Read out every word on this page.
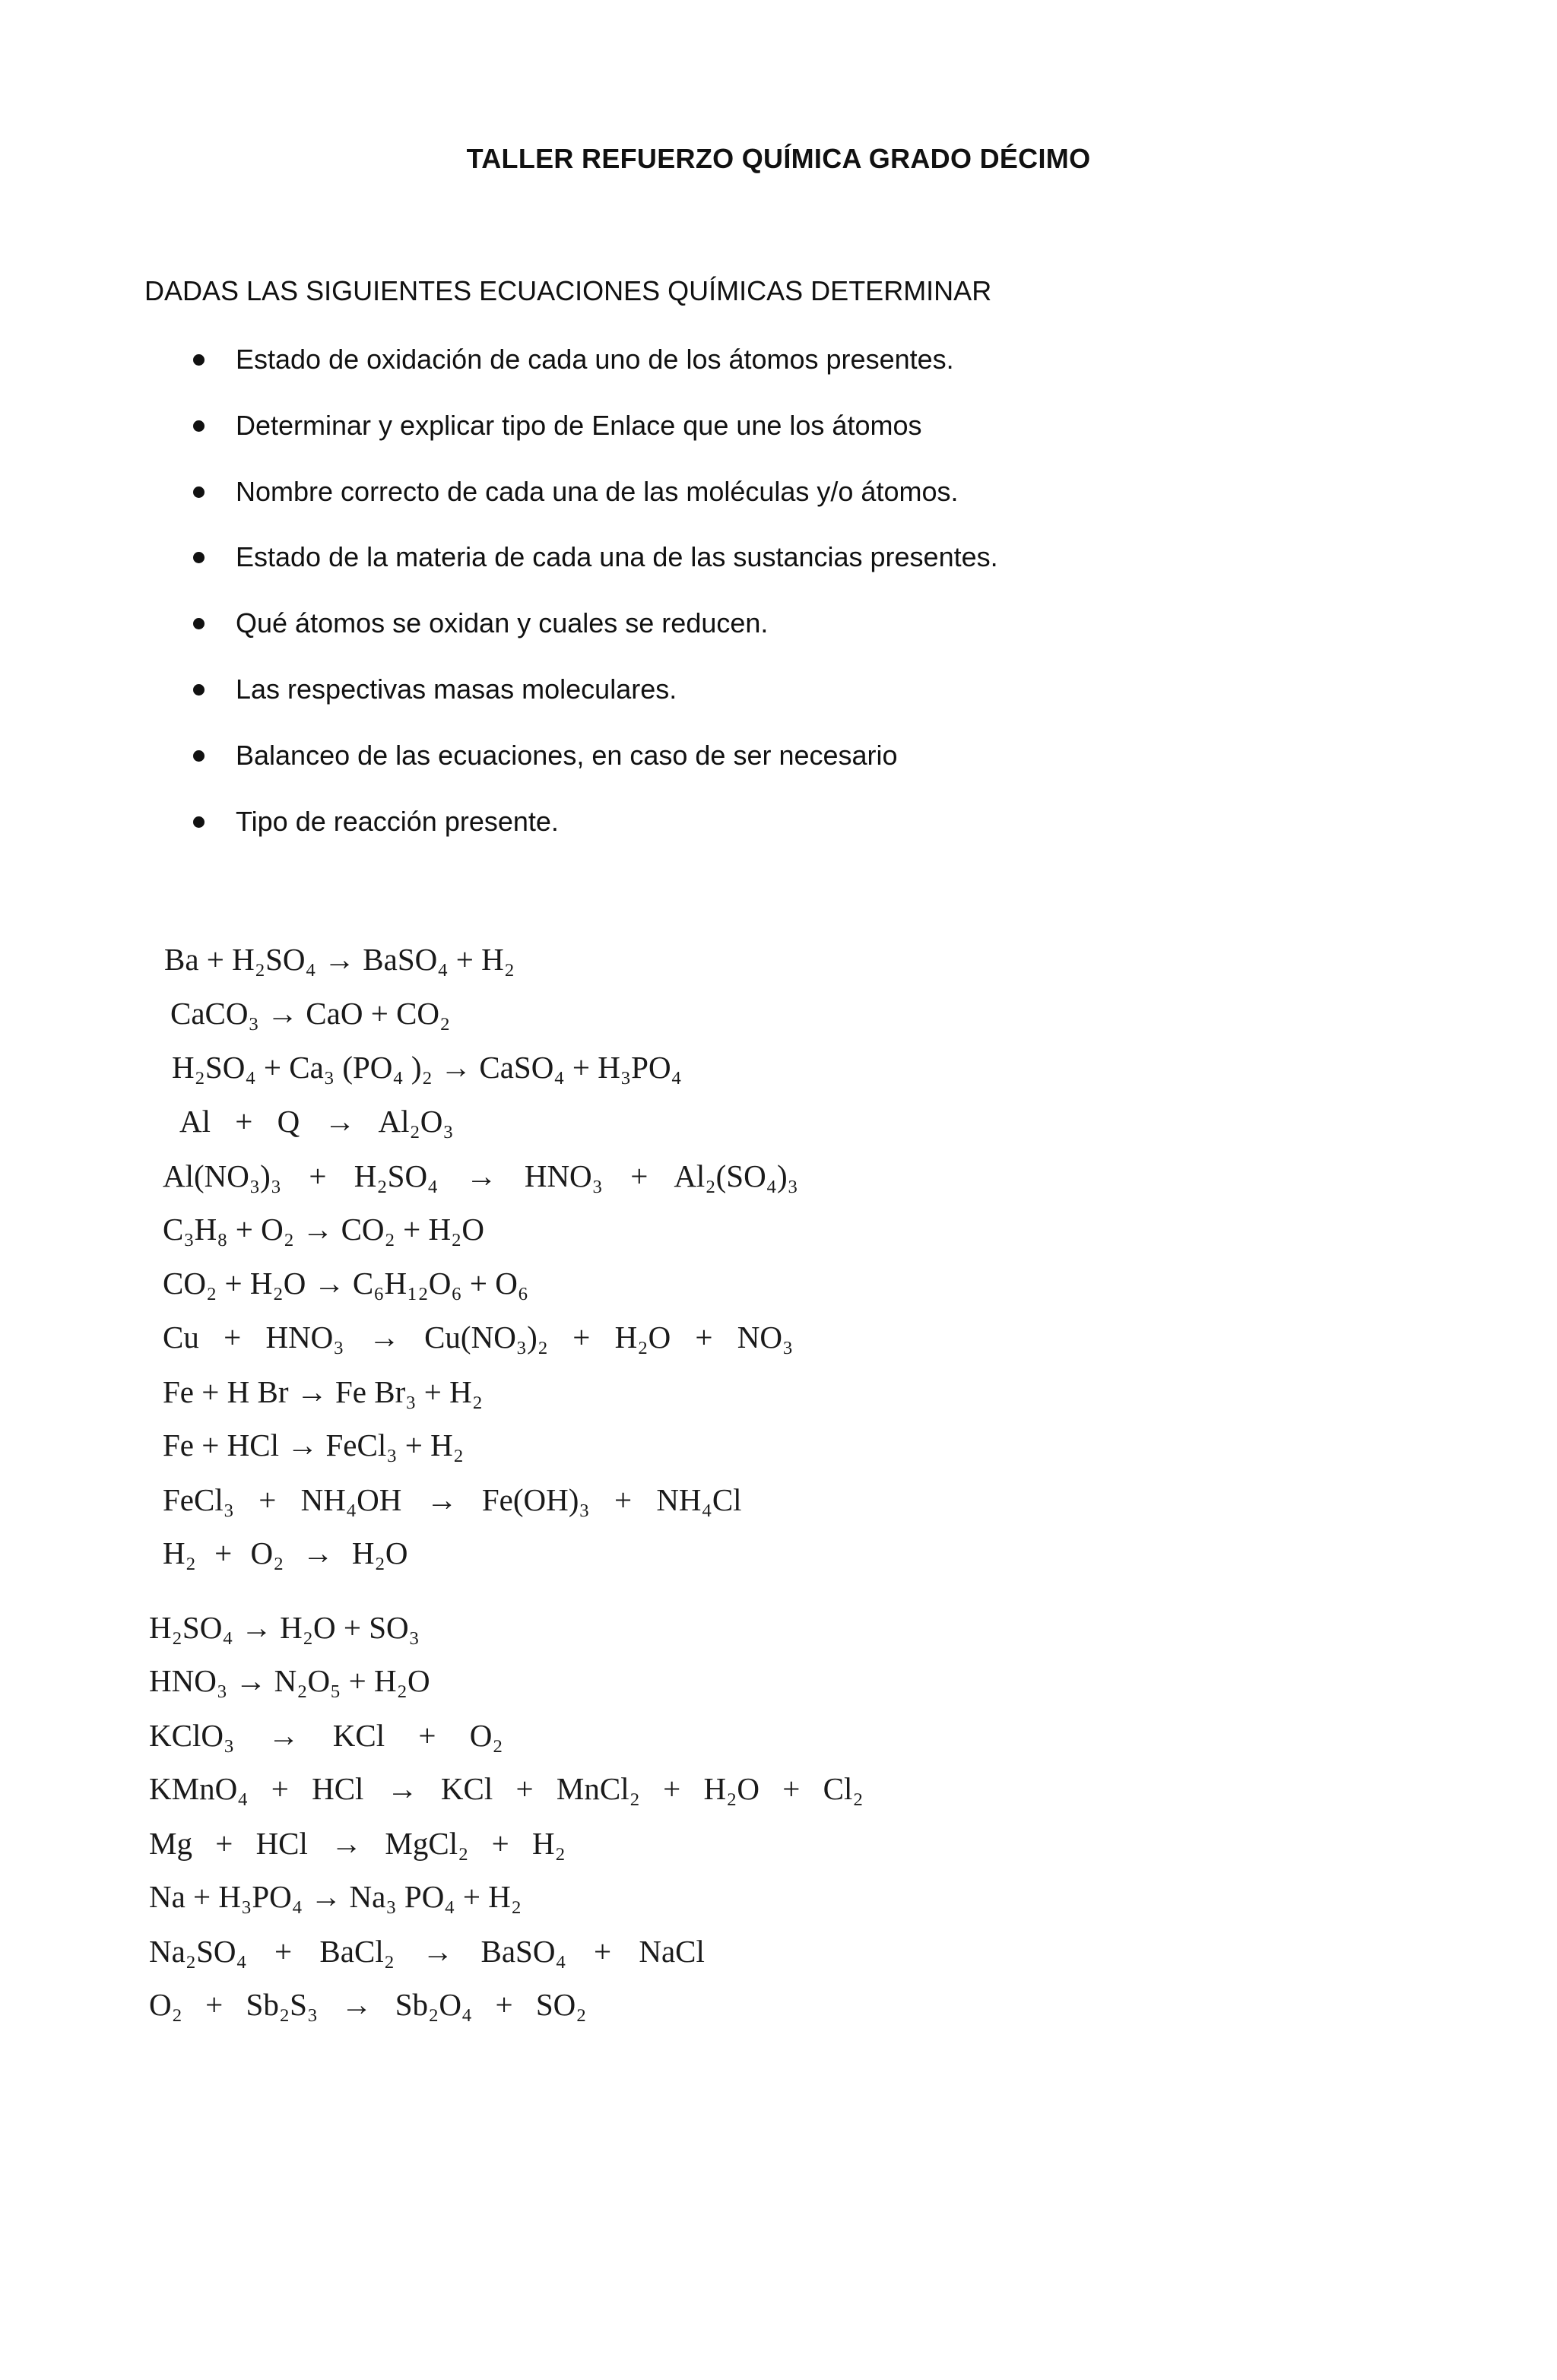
TALLER REFUERZO QUÍMICA GRADO DÉCIMO
DADAS LAS SIGUIENTES ECUACIONES QUÍMICAS DETERMINAR
Estado de oxidación de cada uno de los átomos presentes.
Determinar y explicar tipo de Enlace que une los átomos
Nombre correcto de cada una de las moléculas y/o átomos.
Estado de la materia de cada una de las sustancias presentes.
Qué átomos se oxidan y cuales se reducen.
Las respectivas masas moleculares.
Balanceo de las ecuaciones, en caso de ser necesario
Tipo de reacción presente.
Ba + H₂SO₄ → BaSO₄ + H₂
CaCO₃ → CaO + CO₂
H₂SO₄ + Ca₃ (PO₄ )₂ → CaSO₄ + H₃PO₄
Al + Q → Al₂O₃
Al(NO₃)₃ + H₂SO₄ → HNO₃ + Al₂(SO₄)₃
C₃H₈ + O₂ → CO₂ + H₂O
CO₂ + H₂O → C₆H₁₂O₆ + O₆
Cu + HNO₃ → Cu(NO₃)₂ + H₂O + NO₃
Fe + H Br → Fe Br₃ + H₂
Fe + HCl → FeCl₃ + H₂
FeCl₃ + NH₄OH → Fe(OH)₃ + NH₄Cl
H₂ + O₂ → H₂O
H₂SO₄ → H₂O + SO₃
HNO₃ → N₂O₅ + H₂O
KClO₃ → KCl + O₂
KMnO₄ + HCl → KCl + MnCl₂ + H₂O + Cl₂
Mg + HCl → MgCl₂ + H₂
Na + H₃PO₄ → Na₃ PO₄ + H₂
Na₂SO₄ + BaCl₂ → BaSO₄ + NaCl
O₂ + Sb₂S₃ → Sb₂O₄ + SO₂
